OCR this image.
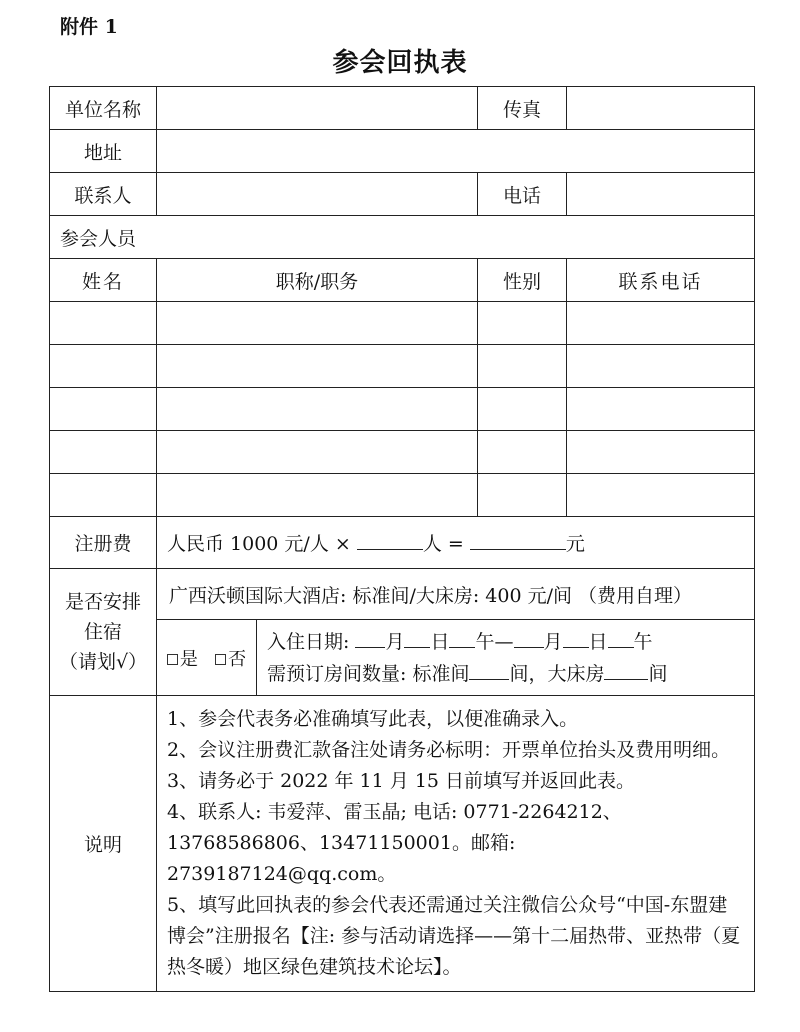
附件 1
参会回执表
单位名称			传真	
地址				
联系人			电话	
参会人员				
姓名	职称/职务		性别	联系电话

注册费	人民币 1000 元/人 × 人 = 元			

是否安排
住宿
（请划√）	广西沃顿国际大酒店: 标准间/大床房: 400 元/间 （费用自理）			
	是 否	入住日期: 月 日 午— 月 日 午
需预订房间数量: 标准间 间，大床房 间		

说明	1、参会代表务必准确填写此表，以便准确录入。

2、会议注册费汇款备注处请务必标明：开票单位抬头及费用明细。

3、请务必于 2022 年 11 月 15 日前填写并返回此表。

4、联系人: 韦爱萍、雷玉晶; 电话: 0771-2264212、13768586806、13471150001。邮箱: 2739187124@qq.com。

5、填写此回执表的参会代表还需通过关注微信公众号“中国-东盟建博会”注册报名【注: 参与活动请选择——第十二届热带、亚热带（夏热冬暖）地区绿色建筑技术论坛】。			
